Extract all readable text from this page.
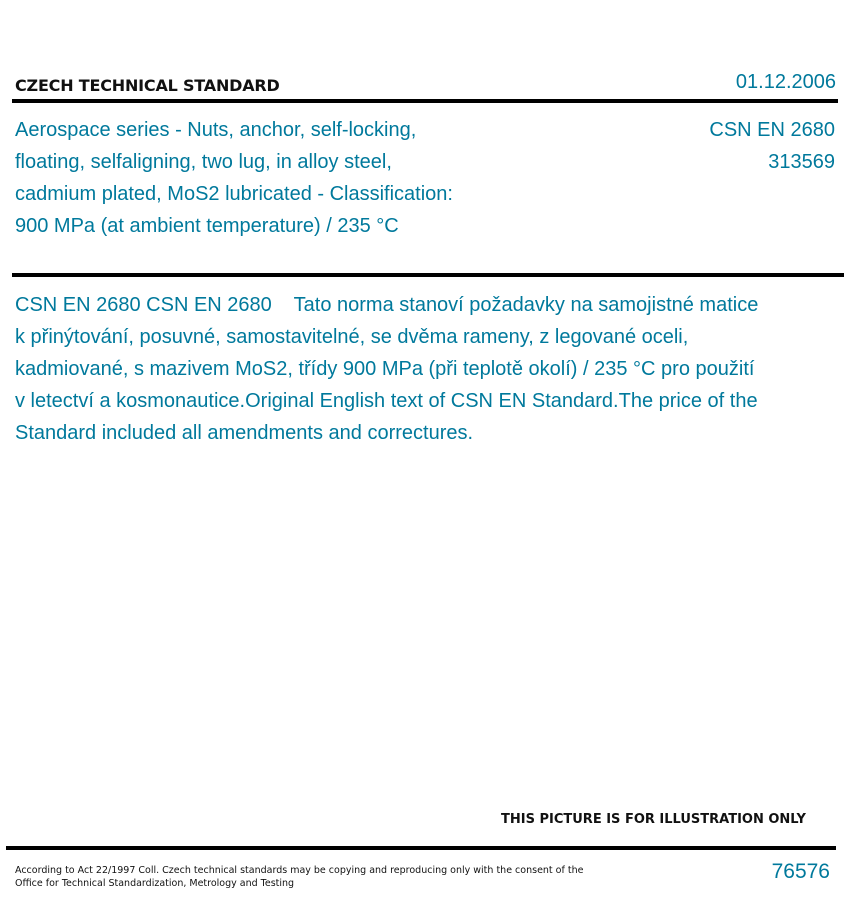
CZECH TECHNICAL STANDARD	01.12.2006
Aerospace series - Nuts, anchor, self-locking, floating, selfaligning, two lug, in alloy steel, cadmium plated, MoS2 lubricated - Classification: 900 MPa (at ambient temperature) / 235 °C
CSN EN 2680
313569
CSN EN 2680 CSN EN 2680    Tato norma stanoví požadavky na samojistné matice k přinýtování, posuvné, samostavitelné, se dvěma rameny, z legované oceli, kadmiované, s mazivem MoS2, třídy 900 MPa (při teplotě okolí) / 235 °C pro použití v letectví a kosmonautice.Original English text of CSN EN Standard.The price of the Standard included all amendments and correctures.
THIS PICTURE IS FOR ILLUSTRATION ONLY
According to Act 22/1997 Coll. Czech technical standards may be copying and reproducing only with the consent of the Office for Technical Standardization, Metrology and Testing
76576
